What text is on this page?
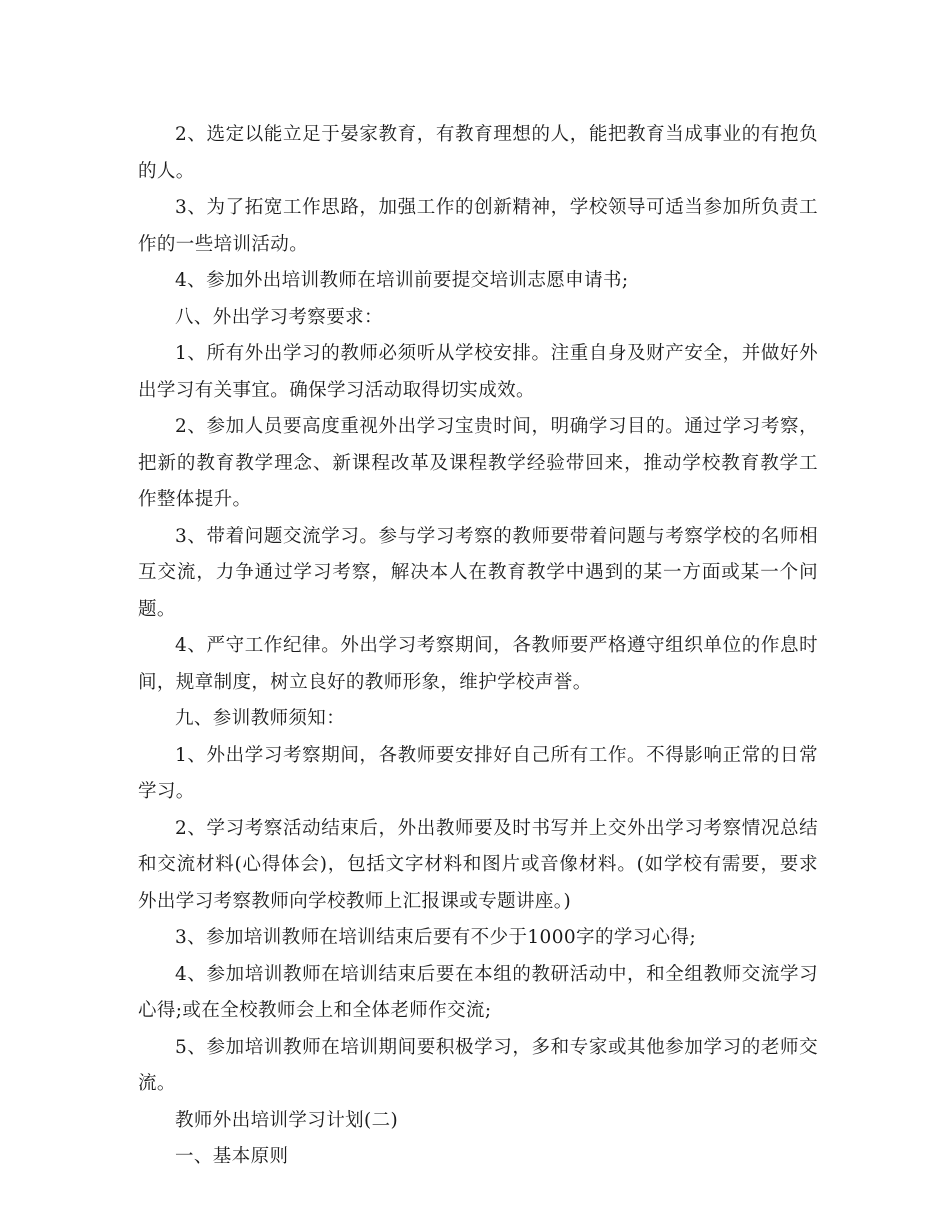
2、选定以能立足于晏家教育，有教育理想的人，能把教育当成事业的有抱负的人。

3、为了拓宽工作思路，加强工作的创新精神，学校领导可适当参加所负责工作的一些培训活动。

4、参加外出培训教师在培训前要提交培训志愿申请书;

八、外出学习考察要求：

1、所有外出学习的教师必须听从学校安排。注重自身及财产安全，并做好外出学习有关事宜。确保学习活动取得切实成效。

2、参加人员要高度重视外出学习宝贵时间，明确学习目的。通过学习考察，把新的教育教学理念、新课程改革及课程教学经验带回来，推动学校教育教学工作整体提升。

3、带着问题交流学习。参与学习考察的教师要带着问题与考察学校的名师相互交流，力争通过学习考察，解决本人在教育教学中遇到的某一方面或某一个问题。

4、严守工作纪律。外出学习考察期间，各教师要严格遵守组织单位的作息时间，规章制度，树立良好的教师形象，维护学校声誉。

九、参训教师须知：

1、外出学习考察期间，各教师要安排好自己所有工作。不得影响正常的日常学习。

2、学习考察活动结束后，外出教师要及时书写并上交外出学习考察情况总结和交流材料(心得体会)，包括文字材料和图片或音像材料。(如学校有需要，要求外出学习考察教师向学校教师上汇报课或专题讲座。)

3、参加培训教师在培训结束后要有不少于1000字的学习心得;

4、参加培训教师在培训结束后要在本组的教研活动中，和全组教师交流学习心得;或在全校教师会上和全体老师作交流;

5、参加培训教师在培训期间要积极学习，多和专家或其他参加学习的老师交流。

教师外出培训学习计划(二)

一、基本原则
